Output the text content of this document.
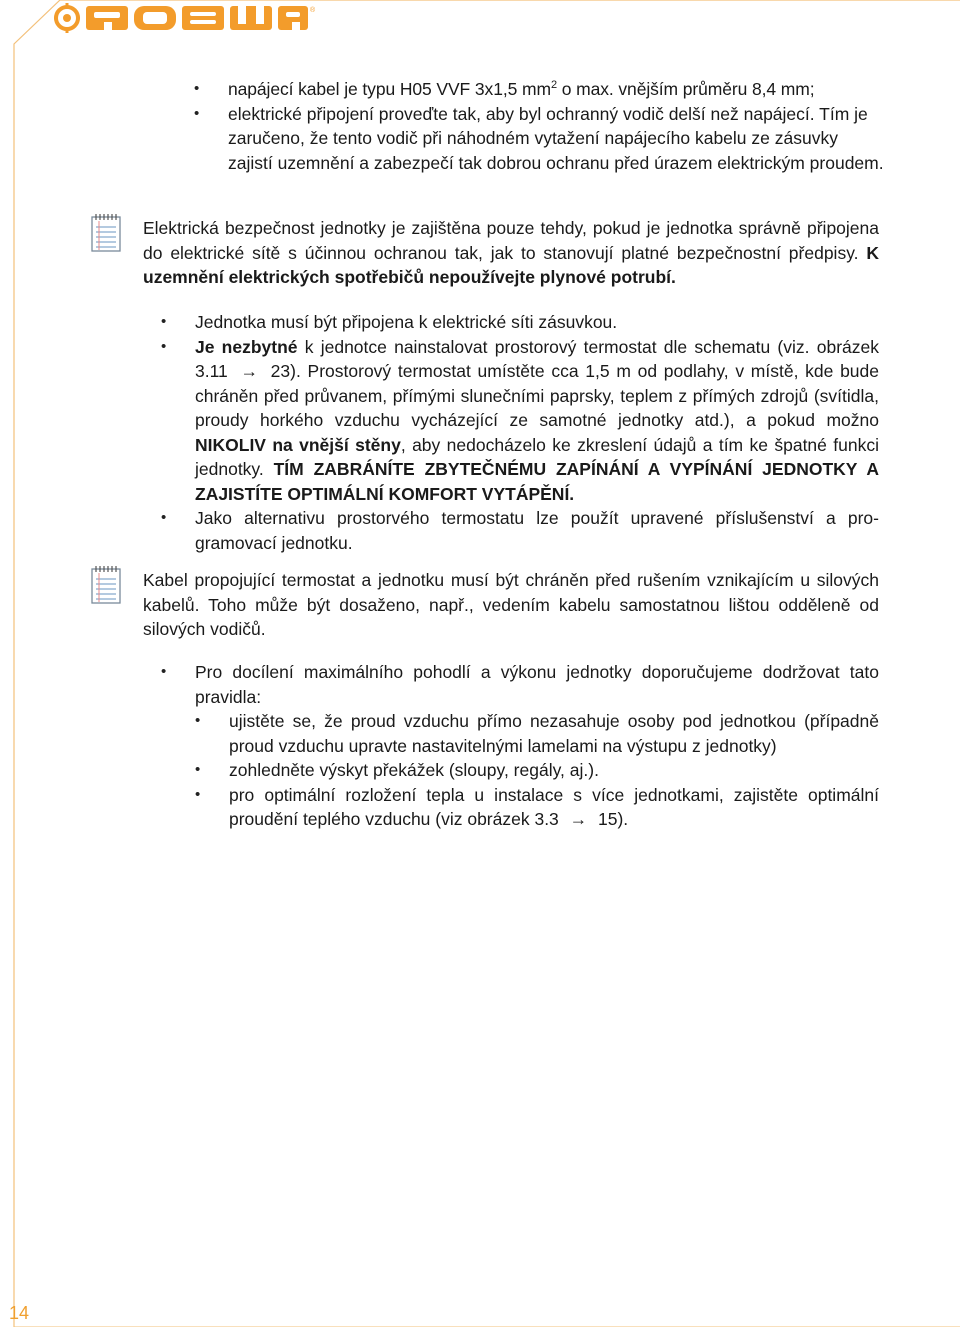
®
• napájecí kabel je typu H05 VVF 3x1,5 $mm^2$ o max. vnějším průměru 8,4 mm;
• elektrické připojení proveďte tak, aby byl ochranný vodič delší než napájecí. Tím je zaručeno, že tento vodič při náhodném vytažení napájecího kabelu ze zásuvky zajistí uzemnění a zabezpečí tak dobrou ochranu před úrazem elektrickým proudem.
Elektrická bezpečnost jednotky je zajištěna pouze tehdy, pokud je jednotka správně připojena do elektrické sítě s účinnou ochranou tak, jak to stanovují platné bezpečnostní předpisy. K uzemnění elektrických spotřebičů nepoužívejte plynové potrubí.
• Jednotka musí být připojena k elektrické síti zásuvkou.
• Je nezbytné k jednotce nainstalovat prostorový termostat dle schematu (viz. obrázek 3.11 → 23). Prostorový termostat umístěte cca 1,5 m od podlahy, v místě, kde bude chráněn před průvanem, přímými slunečními paprsky, teplem z přímých zdrojů (svítidla, proudy horkého vzduchu vycházející ze samotné jednotky atd.), a pokud možno NIKOLIV na vnější stěny, aby nedocházelo ke zkreslení údajů a tím ke špatné funkci jednotky. TÍM ZABRÁNÍTE ZBYTEČNÉMU ZAPÍNÁNÍ A VYPÍNÁNÍ JEDNOTKY A ZAJISTÍTE OPTIMÁLNÍ KOMFORT VYTÁPĚNÍ.
• Jako alternativu prostorvého termostatu lze použít upravené příslušenství a programovací jednotku.
Kabel propojující termostat a jednotku musí být chráněn před rušením vznikajícím u silových kabelů. Toho může být dosaženo, např., vedením kabelu samostatnou lištou odděleně od silových vodičů.
• Pro docílení maximálního pohodlí a výkonu jednotky doporučujeme dodržovat tato pravidla:
• ujistěte se, že proud vzduchu přímo nezasahuje osoby pod jednotkou (případně proud vzduchu upravte nastavitelnými lamelami na výstupu z jednotky)
• zohledněte výskyt překážek (sloupy, regály, aj.).
• pro optimální rozložení tepla u instalace s více jednotkami, zajistěte optimální proudění teplého vzduchu (viz obrázek 3.3 → 15).
14
